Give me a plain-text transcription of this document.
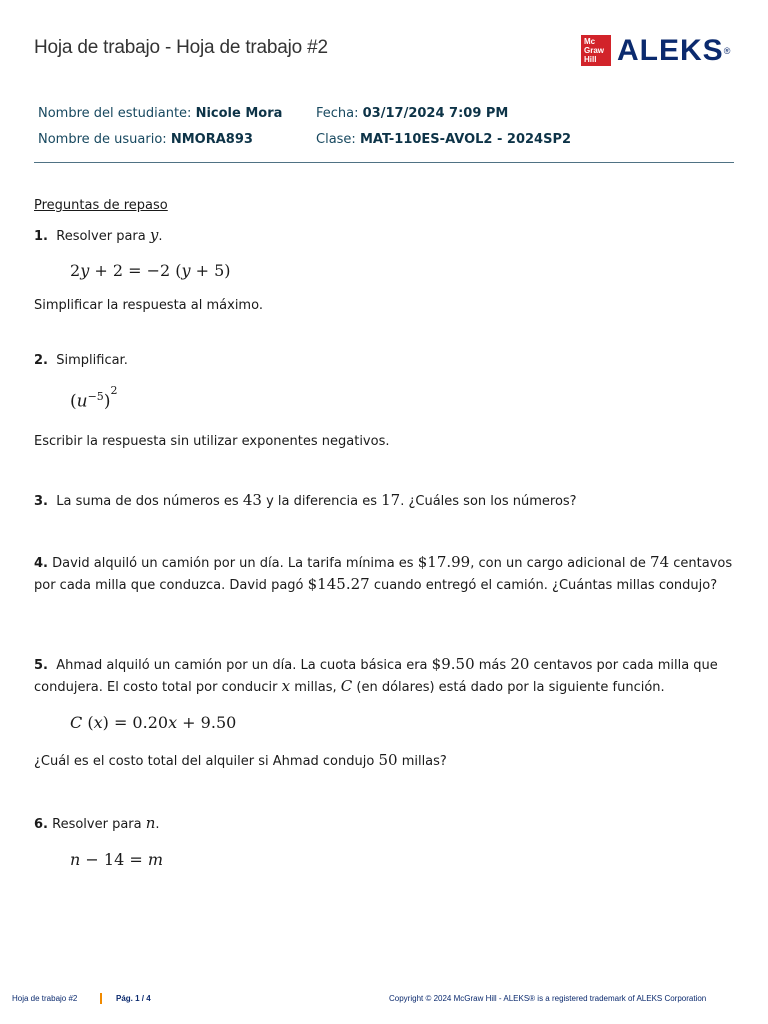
Hoja de trabajo - Hoja de trabajo #2	Mc
Graw
Hill ALEKS ®
Nombre del estudiante: Nicole Mora
Nombre de usuario: NMORA893
Fecha: 03/17/2024 7:09 PM
Clase: MAT-110ES-AVOL2 - 2024SP2
Preguntas de repaso
1. Resolver para y.
2y + 2 = −2 (y + 5)
Simplificar la respuesta al máximo.
2. Simplificar.
$(u^{-5})^2$
Escribir la respuesta sin utilizar exponentes negativos.
3. La suma de dos números es 43 y la diferencia es 17. ¿Cuáles son los números?
4. David alquiló un camión por un día. La tarifa mínima es $17.99, con un cargo adicional de 74 centavos por cada milla que conduzca. David pagó $145.27 cuando entregó el camión. ¿Cuántas millas condujo?
5. Ahmad alquiló un camión por un día. La cuota básica era $9.50 más 20 centavos por cada milla que condujera. El costo total por conducir x millas, C (en dólares) está dado por la siguiente función.
C (x) = 0.20x + 9.50
¿Cuál es el costo total del alquiler si Ahmad condujo 50 millas?
6. Resolver para n.
n − 14 = m
Hoja de trabajo #2	Pág. 1 / 4	Copyright © 2024 McGraw Hill - ALEKS® is a registered trademark of ALEKS Corporation
